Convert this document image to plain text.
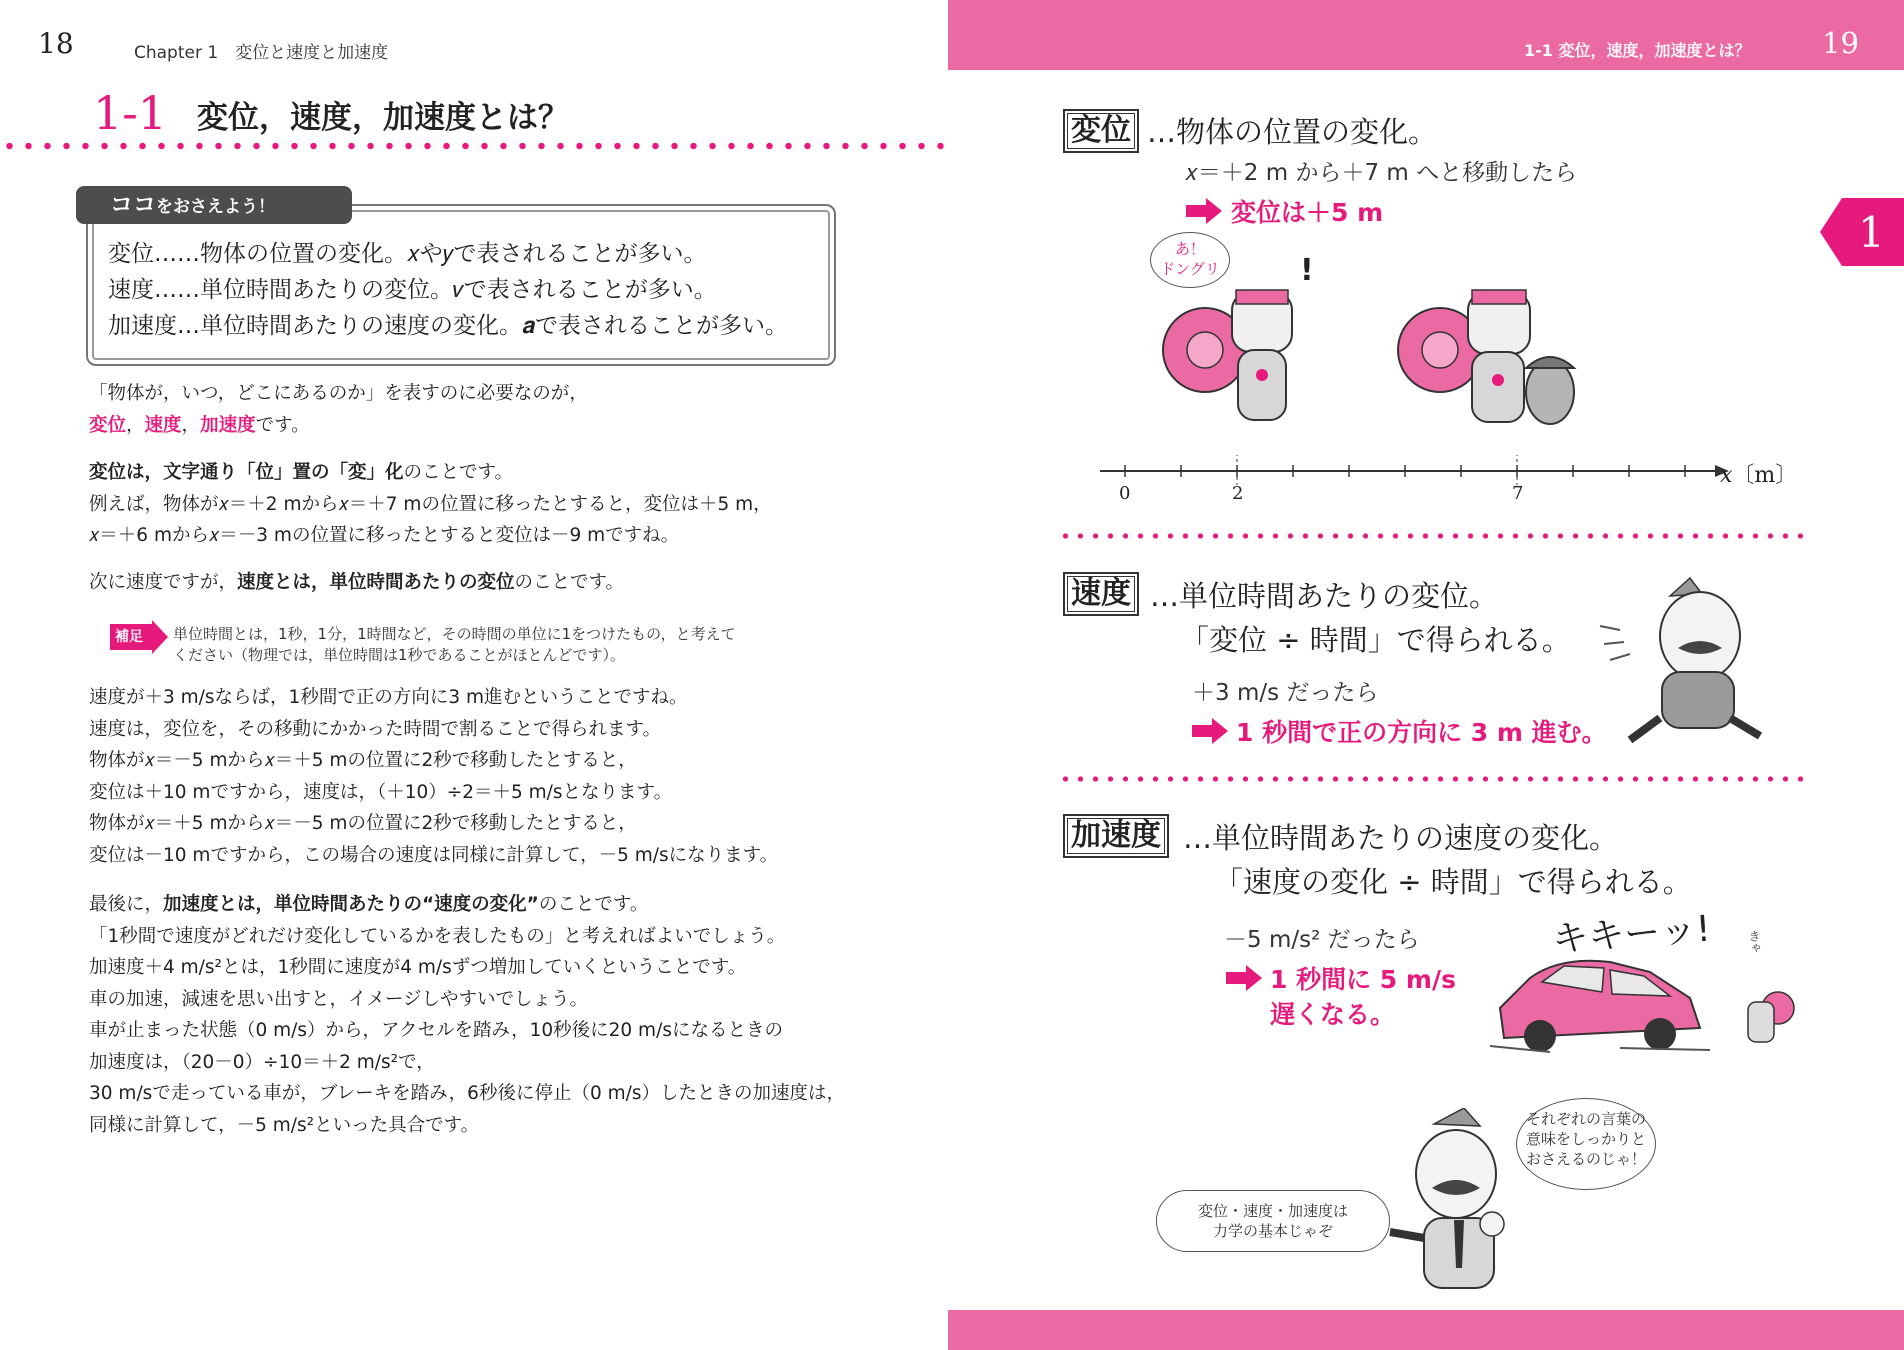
18	Chapter 1　変位と速度と加速度
1-1 変位，速度，加速度とは？
ココをおさえよう！
変位……物体の位置の変化。𝑥や𝑦で表されることが多い。
速度……単位時間あたりの変位。𝑣で表されることが多い。
加速度…単位時間あたりの速度の変化。𝒂で表されることが多い。
「物体が，いつ，どこにあるのか」を表すのに必要なのが，
変位，速度，加速度です。
変位は，文字通り「位」置の「変」化のことです。
例えば，物体が𝑥＝＋2 mから𝑥＝＋7 mの位置に移ったとすると，変位は＋5 m，
𝑥＝＋6 mから𝑥＝－3 mの位置に移ったとすると変位は－9 mですね。
次に速度ですが，速度とは，単位時間あたりの変位のことです。
補足 単位時間とは，1秒，1分，1時間など，その時間の単位に1をつけたもの，と考えて
ください（物理では，単位時間は1秒であることがほとんどです）。
速度が＋3 m/sならば，1秒間で正の方向に3 m進むということですね。
速度は，変位を，その移動にかかった時間で割ることで得られます。
物体が𝑥＝－5 mから𝑥＝＋5 mの位置に2秒で移動したとすると，
変位は＋10 mですから，速度は，（＋10）÷2＝＋5 m/sとなります。
物体が𝑥＝＋5 mから𝑥＝－5 mの位置に2秒で移動したとすると，
変位は－10 mですから，この場合の速度は同様に計算して，－5 m/sになります。
最後に，加速度とは，単位時間あたりの“速度の変化”のことです。
「1秒間で速度がどれだけ変化しているかを表したもの」と考えればよいでしょう。
加速度＋4 m/s²とは，1秒間に速度が4 m/sずつ増加していくということです。
車の加速，減速を思い出すと，イメージしやすいでしょう。
車が止まった状態（0 m/s）から，アクセルを踏み，10秒後に20 m/sになるときの
加速度は，（20－0）÷10＝＋2 m/s²で，
30 m/sで走っている車が，ブレーキを踏み，6秒後に停止（0 m/s）したときの加速度は，
同様に計算して，－5 m/s²といった具合です。
1-1 変位，速度，加速度とは？ 19
1
変位 …物体の位置の変化。
𝑥＝＋2 m から＋7 m へと移動したら
変位は＋5 m
あ！
ドングリ	!
0	2	7
𝑥〔m〕
速度 …単位時間あたりの変位。
「変位 ÷ 時間」で得られる。
＋3 m/s だったら
1 秒間で正の方向に 3 m 進む。
加速度 …単位時間あたりの速度の変化。
「速度の変化 ÷ 時間」で得られる。
－5 m/s² だったら
1 秒間に 5 m/s
遅くなる。
キキーッ!	きゃ
それぞれの言葉の
意味をしっかりと
おさえるのじゃ！
変位・速度・加速度は
力学の基本じゃぞ
